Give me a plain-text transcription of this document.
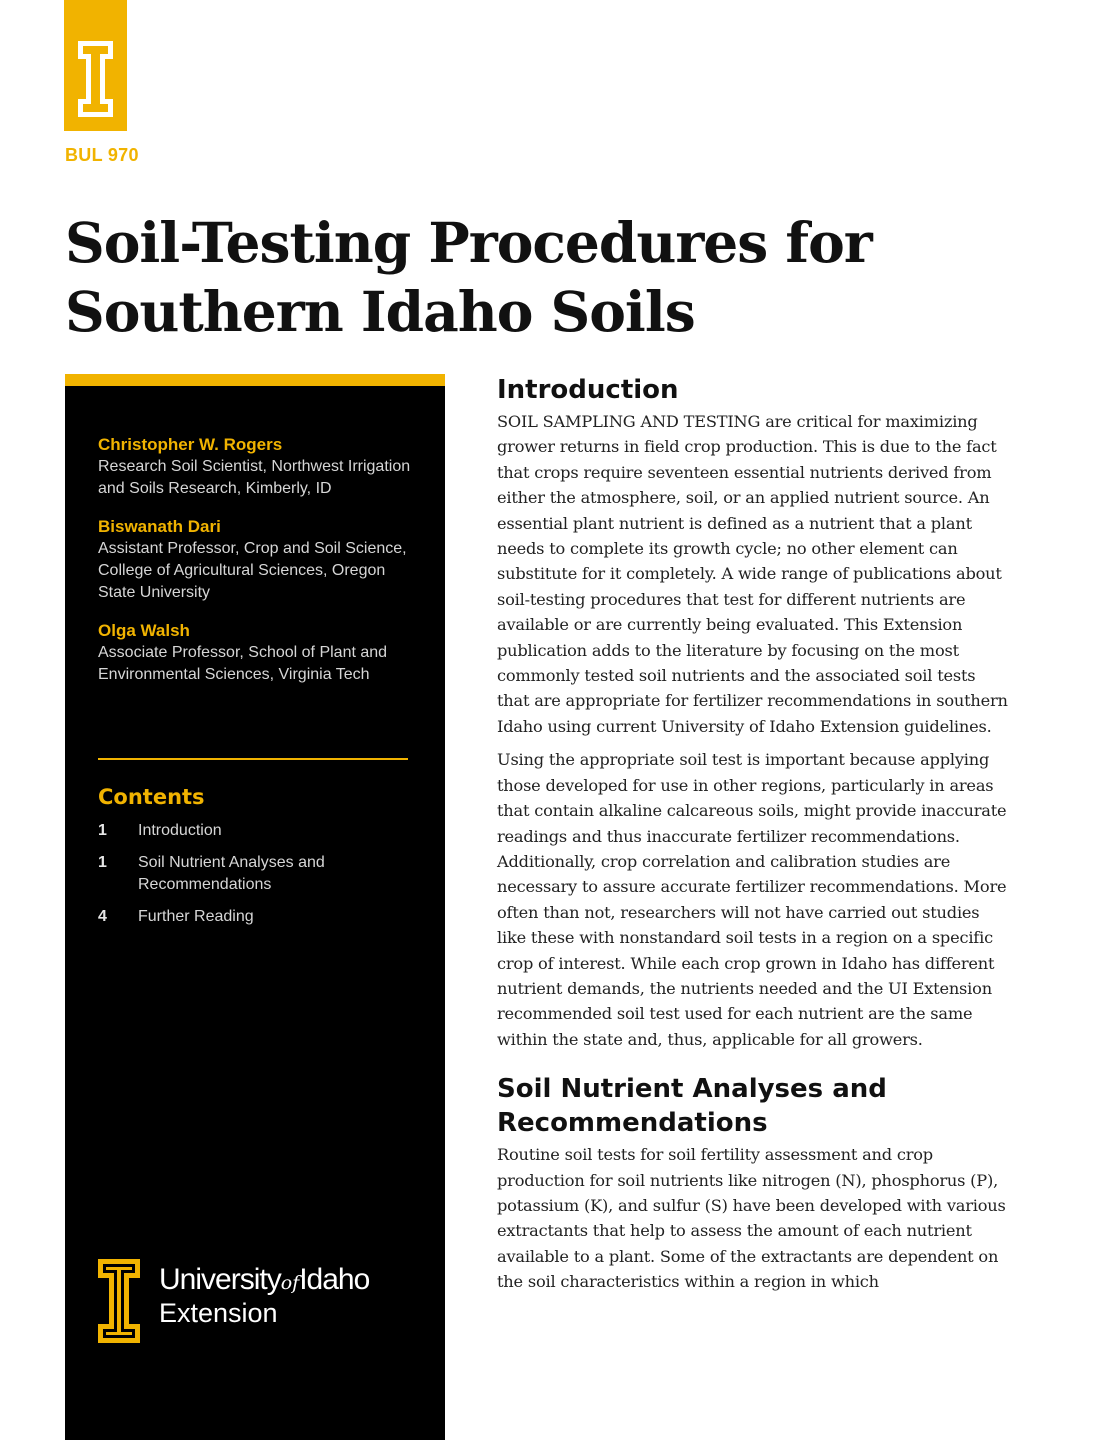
BUL 970
Soil-Testing Procedures for
Southern Idaho Soils
Christopher W. Rogers
Research Soil Scientist, Northwest Irrigation and Soils Research, Kimberly, ID
Biswanath Dari
Assistant Professor, Crop and Soil Science, College of Agricultural Sciences, Oregon State University
Olga Walsh
Associate Professor, School of Plant and Environmental Sciences, Virginia Tech
Contents
1	Introduction
1	Soil Nutrient Analyses and Recommendations
4	Further Reading
UniversityofIdaho
Extension
Introduction

SOIL SAMPLING AND TESTING are critical for maximizing grower returns in field crop production. This is due to the fact that crops require seventeen essential nutrients derived from either the atmosphere, soil, or an applied nutrient source. An essential plant nutrient is defined as a nutrient that a plant needs to complete its growth cycle; no other element can substitute for it completely. A wide range of publications about soil-testing procedures that test for different nutrients are available or are currently being evaluated. This Extension publication adds to the literature by focusing on the most commonly tested soil nutrients and the associated soil tests that are appropriate for fertilizer recommendations in southern Idaho using current University of Idaho Extension guidelines.

Using the appropriate soil test is important because applying those developed for use in other regions, particularly in areas that contain alkaline calcareous soils, might provide inaccurate readings and thus inaccurate fertilizer recommendations. Additionally, crop correlation and calibration studies are necessary to assure accurate fertilizer recommendations. More often than not, researchers will not have carried out studies like these with nonstandard soil tests in a region on a specific crop of interest. While each crop grown in Idaho has different nutrient demands, the nutrients needed and the UI Extension recommended soil test used for each nutrient are the same within the state and, thus, applicable for all growers.

Soil Nutrient Analyses and
Recommendations

Routine soil tests for soil fertility assessment and crop production for soil nutrients like nitrogen (N), phosphorus (P), potassium (K), and sulfur (S) have been developed with various extractants that help to assess the amount of each nutrient available to a plant. Some of the extractants are dependent on the soil characteristics within a region in which
